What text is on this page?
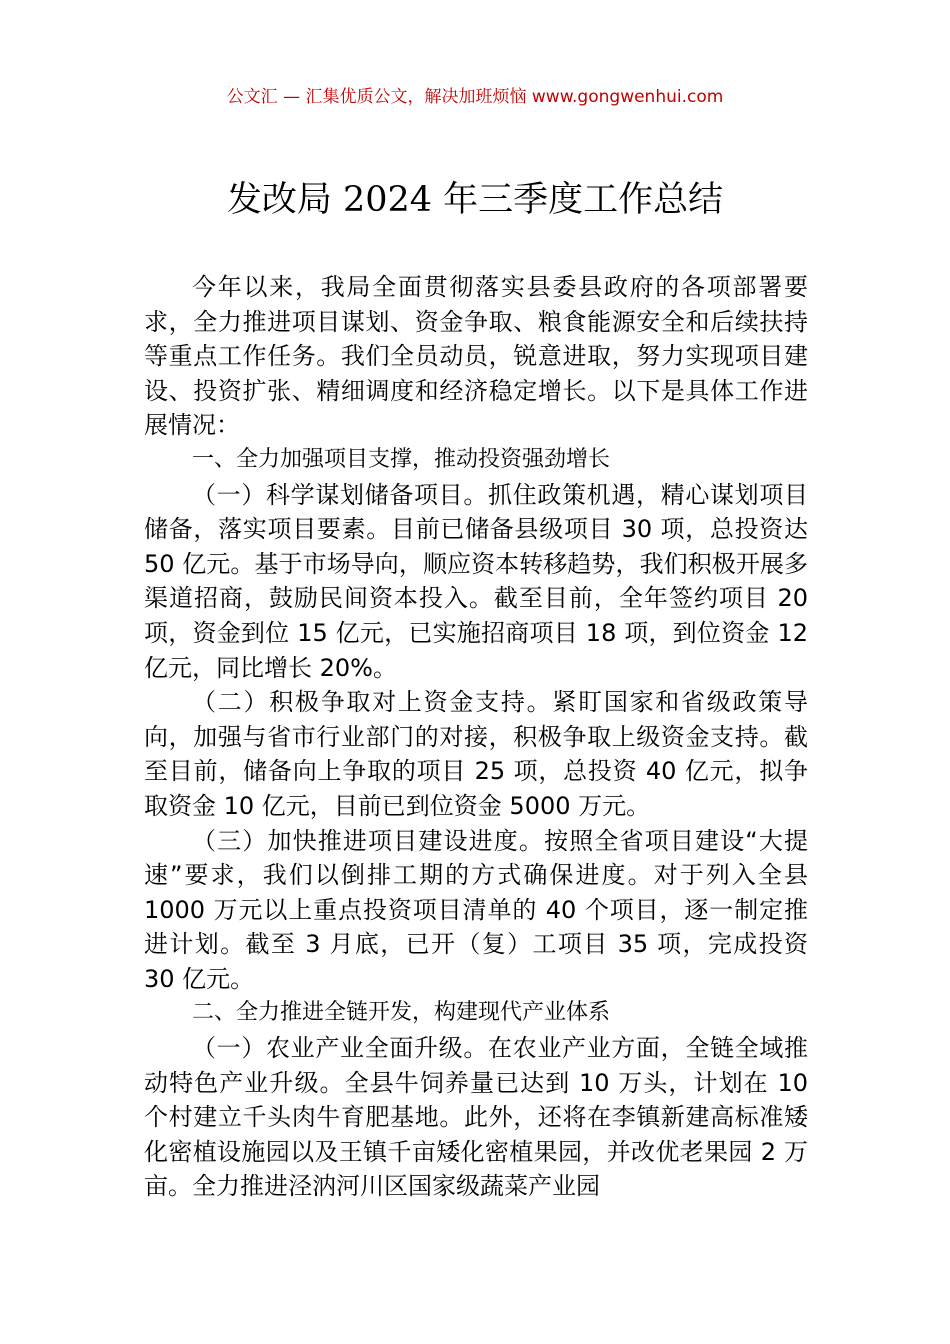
公文汇 — 汇集优质公文，解决加班烦恼 www.gongwenhui.com
发改局 2024 年三季度工作总结

今年以来，我局全面贯彻落实县委县政府的各项部署要求，全力推进项目谋划、资金争取、粮食能源安全和后续扶持等重点工作任务。我们全员动员，锐意进取，努力实现项目建设、投资扩张、精细调度和经济稳定增长。以下是具体工作进展情况：

一、全力加强项目支撑，推动投资强劲增长

（一）科学谋划储备项目。抓住政策机遇，精心谋划项目储备，落实项目要素。目前已储备县级项目 30 项，总投资达 50 亿元。基于市场导向，顺应资本转移趋势，我们积极开展多渠道招商，鼓励民间资本投入。截至目前，全年签约项目 20 项，资金到位 15 亿元，已实施招商项目 18 项，到位资金 12 亿元，同比增长 20%。

（二）积极争取对上资金支持。紧盯国家和省级政策导向，加强与省市行业部门的对接，积极争取上级资金支持。截至目前，储备向上争取的项目 25 项，总投资 40 亿元，拟争取资金 10 亿元，目前已到位资金 5000 万元。

（三）加快推进项目建设进度。按照全省项目建设“大提速”要求，我们以倒排工期的方式确保进度。对于列入全县 1000 万元以上重点投资项目清单的 40 个项目，逐一制定推进计划。截至 3 月底，已开（复）工项目 35 项，完成投资 30 亿元。

二、全力推进全链开发，构建现代产业体系

（一）农业产业全面升级。在农业产业方面，全链全域推动特色产业升级。全县牛饲养量已达到 10 万头，计划在 10 个村建立千头肉牛育肥基地。此外，还将在李镇新建高标准矮化密植设施园以及王镇千亩矮化密植果园，并改优老果园 2 万亩。全力推进泾汭河川区国家级蔬菜产业园
